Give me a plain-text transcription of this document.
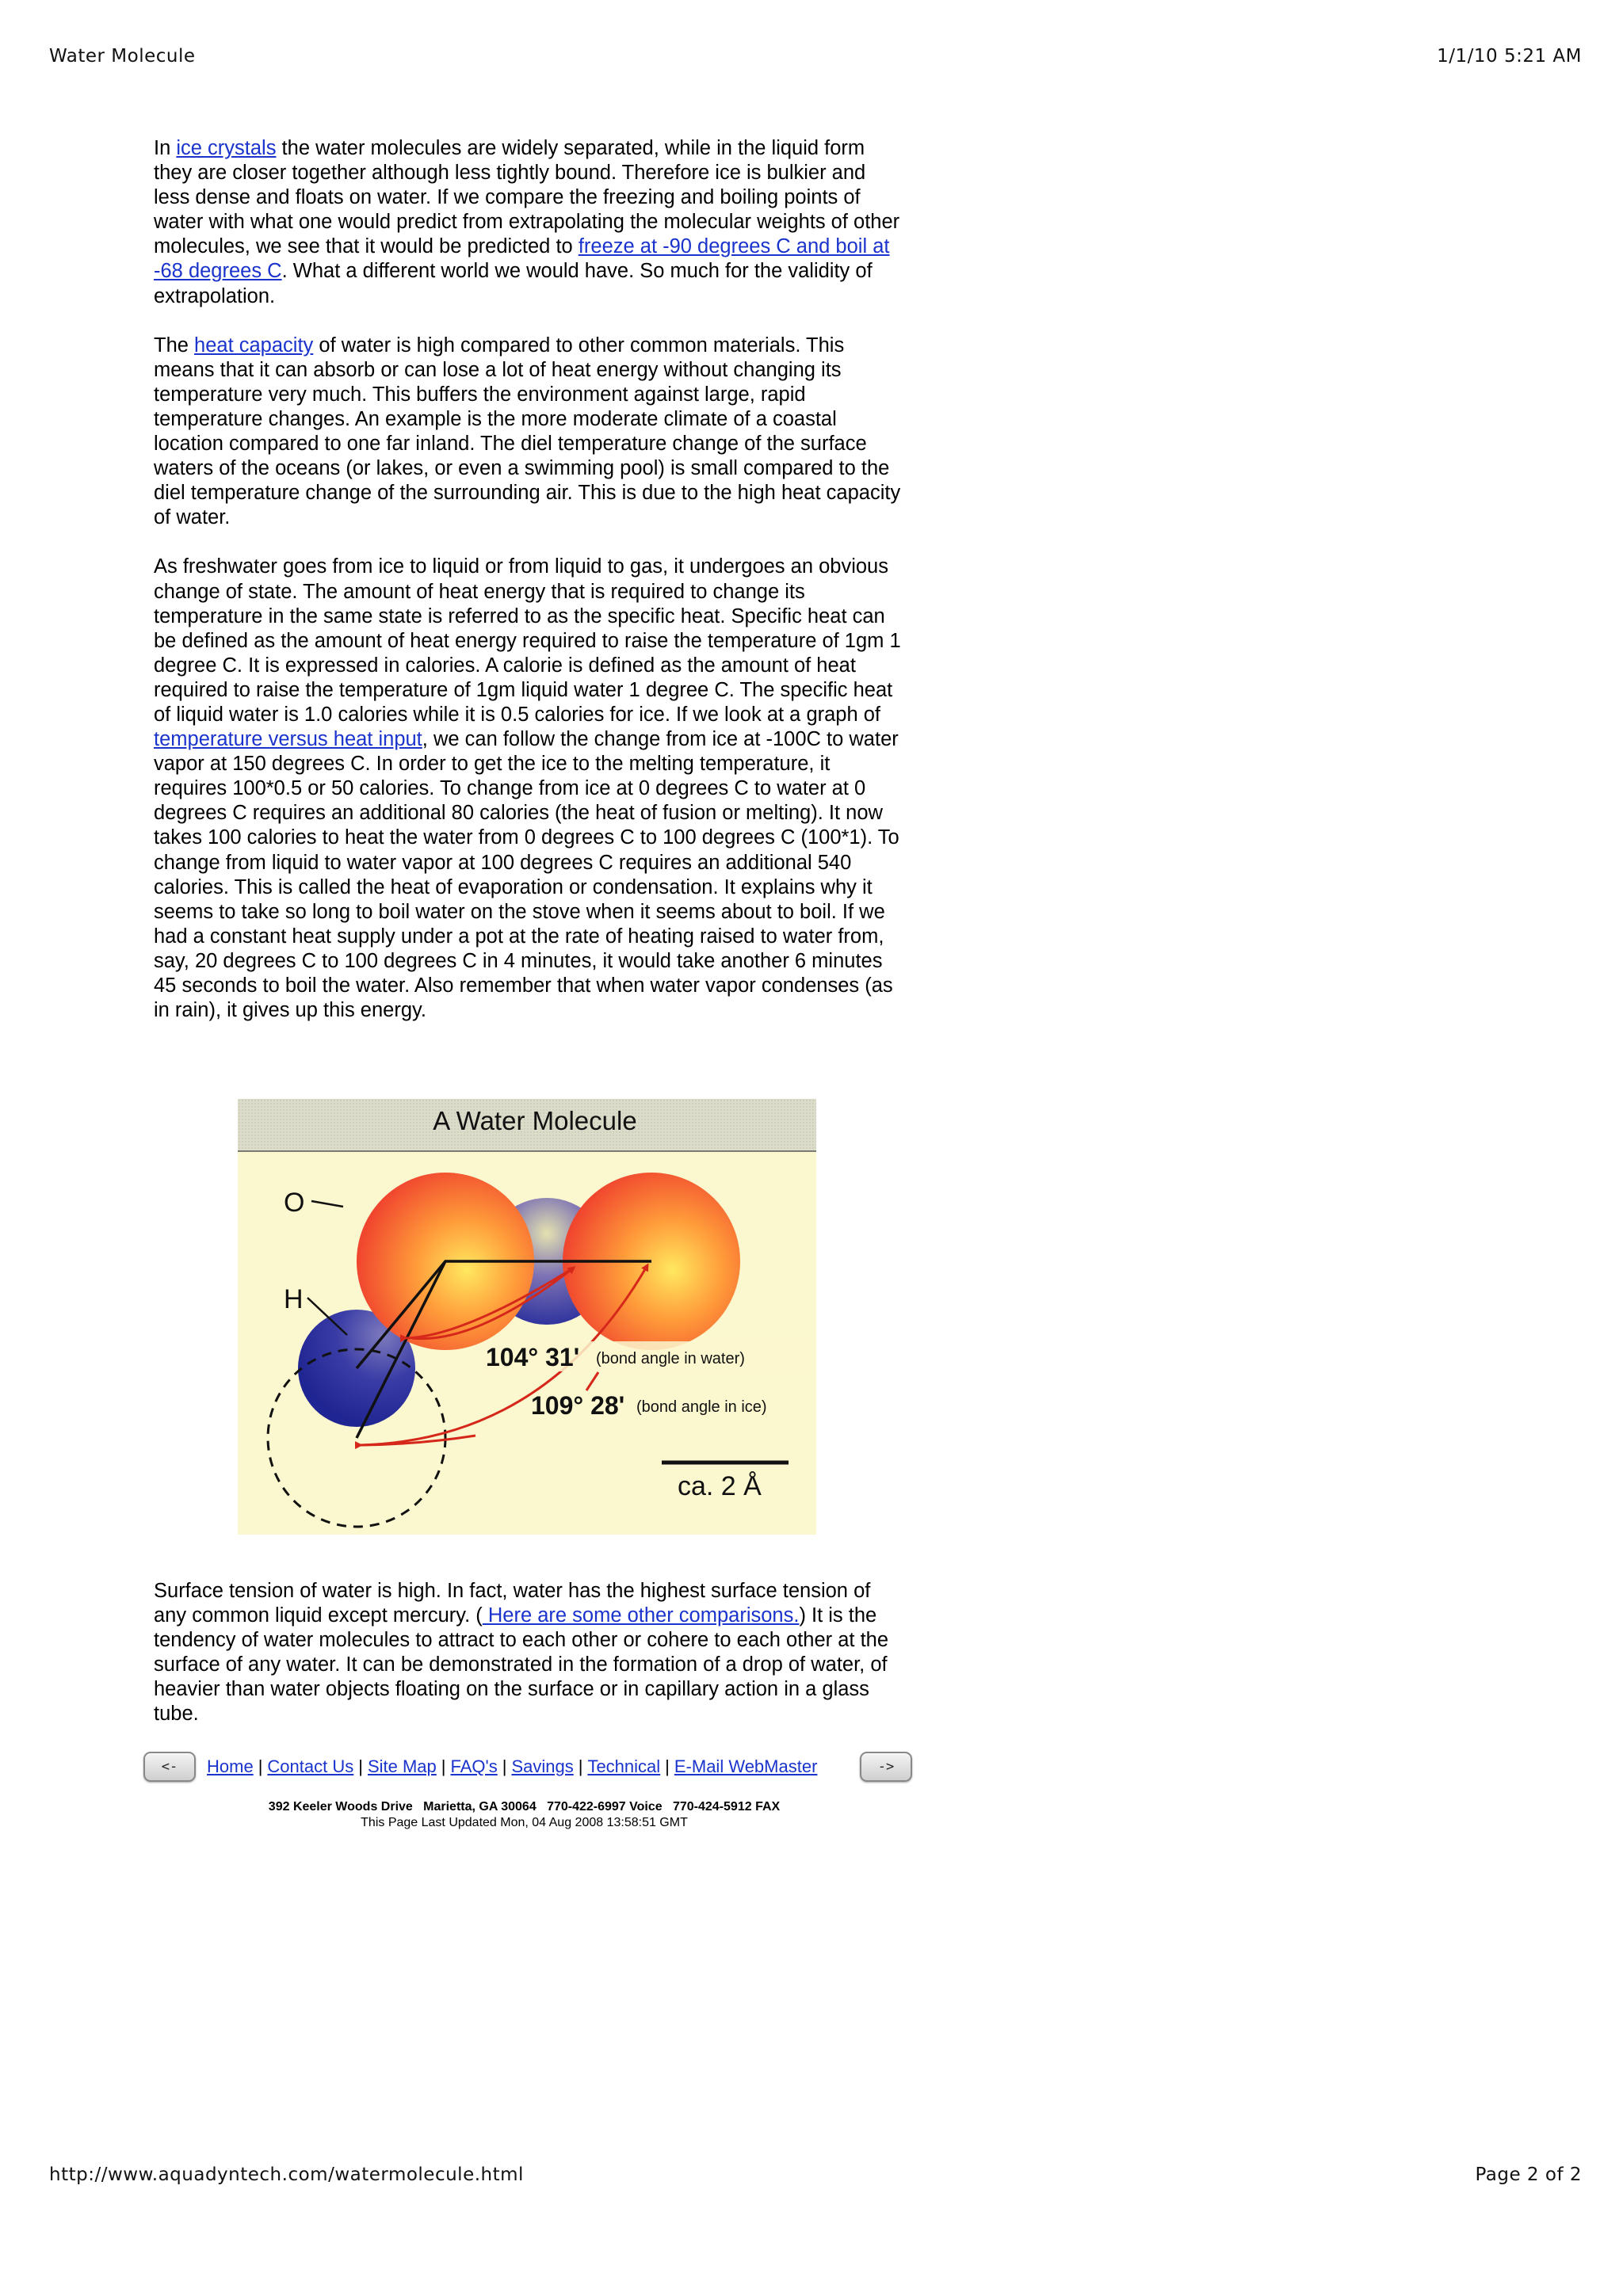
Water Molecule	1/1/10 5:21 AM

In ice crystals the water molecules are widely separated, while in the liquid form they are closer together although less tightly bound. Therefore ice is bulkier and less dense and floats on water. If we compare the freezing and boiling points of water with what one would predict from extrapolating the molecular weights of other molecules, we see that it would be predicted to freeze at -90 degrees C and boil at -68 degrees C. What a different world we would have. So much for the validity of extrapolation.

The heat capacity of water is high compared to other common materials. This means that it can absorb or can lose a lot of heat energy without changing its temperature very much. This buffers the environment against large, rapid temperature changes. An example is the more moderate climate of a coastal location compared to one far inland. The diel temperature change of the surface waters of the oceans (or lakes, or even a swimming pool) is small compared to the diel temperature change of the surrounding air. This is due to the high heat capacity of water.

As freshwater goes from ice to liquid or from liquid to gas, it undergoes an obvious change of state. The amount of heat energy that is required to change its temperature in the same state is referred to as the specific heat. Specific heat can be defined as the amount of heat energy required to raise the temperature of 1gm 1 degree C. It is expressed in calories. A calorie is defined as the amount of heat required to raise the temperature of 1gm liquid water 1 degree C. The specific heat of liquid water is 1.0 calories while it is 0.5 calories for ice. If we look at a graph of temperature versus heat input, we can follow the change from ice at -100C to water vapor at 150 degrees C. In order to get the ice to the melting temperature, it requires 100*0.5 or 50 calories. To change from ice at 0 degrees C to water at 0 degrees C requires an additional 80 calories (the heat of fusion or melting). It now takes 100 calories to heat the water from 0 degrees C to 100 degrees C (100*1). To change from liquid to water vapor at 100 degrees C requires an additional 540 calories. This is called the heat of evaporation or condensation. It explains why it seems to take so long to boil water on the stove when it seems about to boil. If we had a constant heat supply under a pot at the rate of heating raised to water from, say, 20 degrees C to 100 degrees C in 4 minutes, it would take another 6 minutes 45 seconds to boil the water. Also remember that when water vapor condenses (as in rain), it gives up this energy.

A Water Molecule
O
H
104° 31' (bond angle in water)
109° 28' (bond angle in ice)
ca. 2 Å
Surface tension of water is high. In fact, water has the highest surface tension of any common liquid except mercury. ( Here are some other comparisons.) It is the tendency of water molecules to attract to each other or cohere to each other at the surface of any water. It can be demonstrated in the formation of a drop of water, of heavier than water objects floating on the surface or in capillary action in a glass tube.
<-	Home | Contact Us | Site Map | FAQ's | Savings | Technical | E-Mail WebMaster	->
392 Keeler Woods Drive   Marietta, GA 30064   770-422-6997 Voice   770-424-5912 FAX
This Page Last Updated Mon, 04 Aug 2008 13:58:51 GMT
http://www.aquadyntech.com/watermolecule.html	Page 2 of 2
